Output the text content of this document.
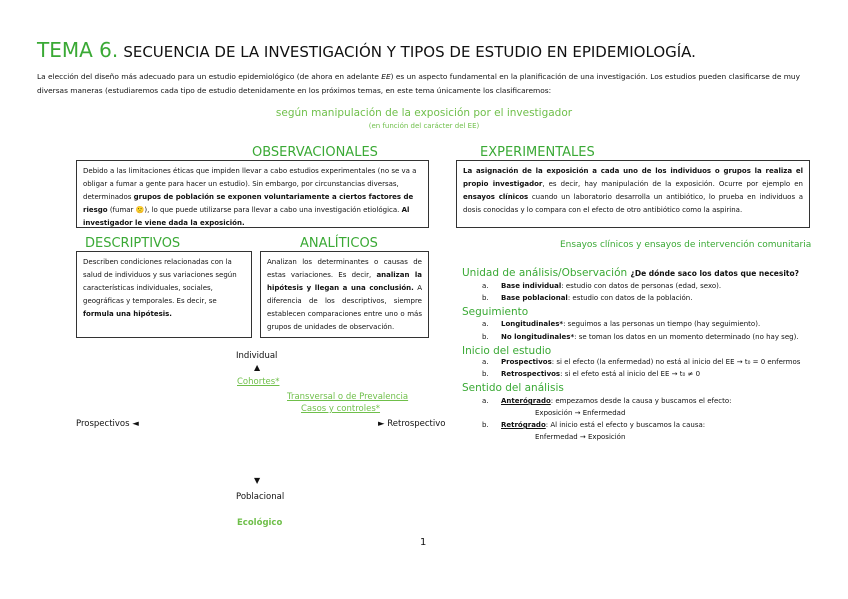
TEMA 6. SECUENCIA DE LA INVESTIGACIÓN Y TIPOS DE ESTUDIO EN EPIDEMIOLOGÍA.
La elección del diseño más adecuado para un estudio epidemiológico (de ahora en adelante EE) es un aspecto fundamental en la planificación de una investigación. Los estudios pueden clasificarse de muy diversas maneras (estudiaremos cada tipo de estudio detenidamente en los próximos temas, en este tema únicamente los clasificaremos:
según manipulación de la exposición por el investigador
(en función del carácter del EE)
OBSERVACIONALES	EXPERIMENTALES
Debido a las limitaciones éticas que impiden llevar a cabo estudios experimentales (no se va a obligar a fumar a gente para hacer un estudio). Sin embargo, por circunstancias diversas, determinados grupos de población se exponen voluntariamente a ciertos factores de riesgo (fumar 🙁), lo que puede utilizarse para llevar a cabo una investigación etiológica. Al investigador le viene dada la exposición.
La asignación de la exposición a cada uno de los individuos o grupos la realiza el propio investigador, es decir, hay manipulación de la exposición. Ocurre por ejemplo en ensayos clínicos cuando un laboratorio desarrolla un antibiótico, lo prueba en individuos a dosis conocidas y lo compara con el efecto de otro antibiótico como la aspirina.
DESCRIPTIVOS	ANALÍTICOS
Describen condiciones relacionadas con la salud de individuos y sus variaciones según características individuales, sociales, geográficas y temporales. Es decir, se formula una hipótesis.
Analizan los determinantes o causas de estas variaciones. Es decir, analizan la hipótesis y llegan a una conclusión. A diferencia de los descriptivos, siempre establecen comparaciones entre uno o más grupos de unidades de observación.
Ensayos clínicos y ensayos de intervención comunitaria
Unidad de análisis/Observación ¿De dónde saco los datos que necesito?
a. Base individual: estudio con datos de personas (edad, sexo).
b. Base poblacional: estudio con datos de la población.
Seguimiento
a. Longitudinales*: seguimos a las personas un tiempo (hay seguimiento).
b. No longitudinales*: se toman los datos en un momento determinado (no hay seg).
Inicio del estudio
a. Prospectivos: si el efecto (la enfermedad) no está al inicio del EE → t₀ = 0 enfermos
b. Retrospectivos: si el efeto está al inicio del EE → t₀ ≠ 0
Sentido del análisis
a. Anterógrado: empezamos desde la causa y buscamos el efecto:
Exposición → Enfermedad
b. Retrógrado: Al inicio está el efecto y buscamos la causa:
Enfermedad → Exposición
Individual
▲
Cohortes*
Transversal o de Prevalencia
Casos y controles*
Prospectivos ◄	► Retrospectivo
▼
Poblacional
Ecológico
1
